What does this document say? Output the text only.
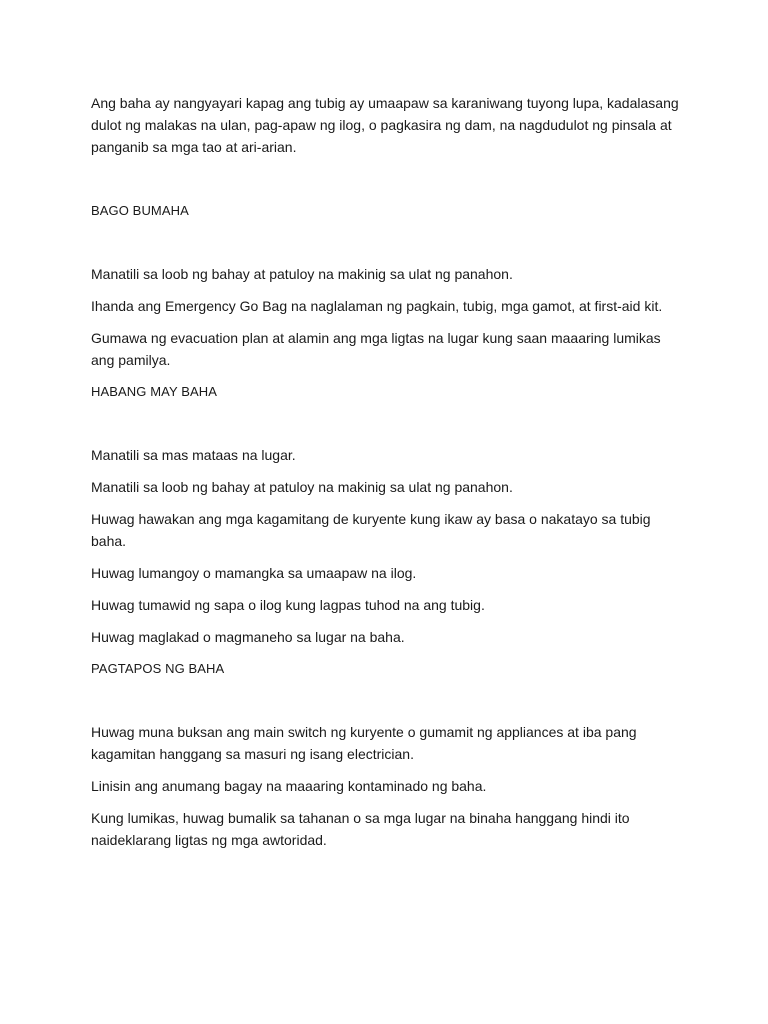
Ang baha ay nangyayari kapag ang tubig ay umaapaw sa karaniwang tuyong lupa, kadalasang dulot ng malakas na ulan, pag-apaw ng ilog, o pagkasira ng dam, na nagdudulot ng pinsala at panganib sa mga tao at ari-arian.

BAGO BUMAHA

Manatili sa loob ng bahay at patuloy na makinig sa ulat ng panahon.

Ihanda ang Emergency Go Bag na naglalaman ng pagkain, tubig, mga gamot, at first-aid kit.

Gumawa ng evacuation plan at alamin ang mga ligtas na lugar kung saan maaaring lumikas ang pamilya.

HABANG MAY BAHA

Manatili sa mas mataas na lugar.

Manatili sa loob ng bahay at patuloy na makinig sa ulat ng panahon.

Huwag hawakan ang mga kagamitang de kuryente kung ikaw ay basa o nakatayo sa tubig baha.

Huwag lumangoy o mamangka sa umaapaw na ilog.

Huwag tumawid ng sapa o ilog kung lagpas tuhod na ang tubig.

Huwag maglakad o magmaneho sa lugar na baha.

PAGTAPOS NG BAHA

Huwag muna buksan ang main switch ng kuryente o gumamit ng appliances at iba pang kagamitan hanggang sa masuri ng isang electrician.

Linisin ang anumang bagay na maaaring kontaminado ng baha.

Kung lumikas, huwag bumalik sa tahanan o sa mga lugar na binaha hanggang hindi ito naideklarang ligtas ng mga awtoridad.
